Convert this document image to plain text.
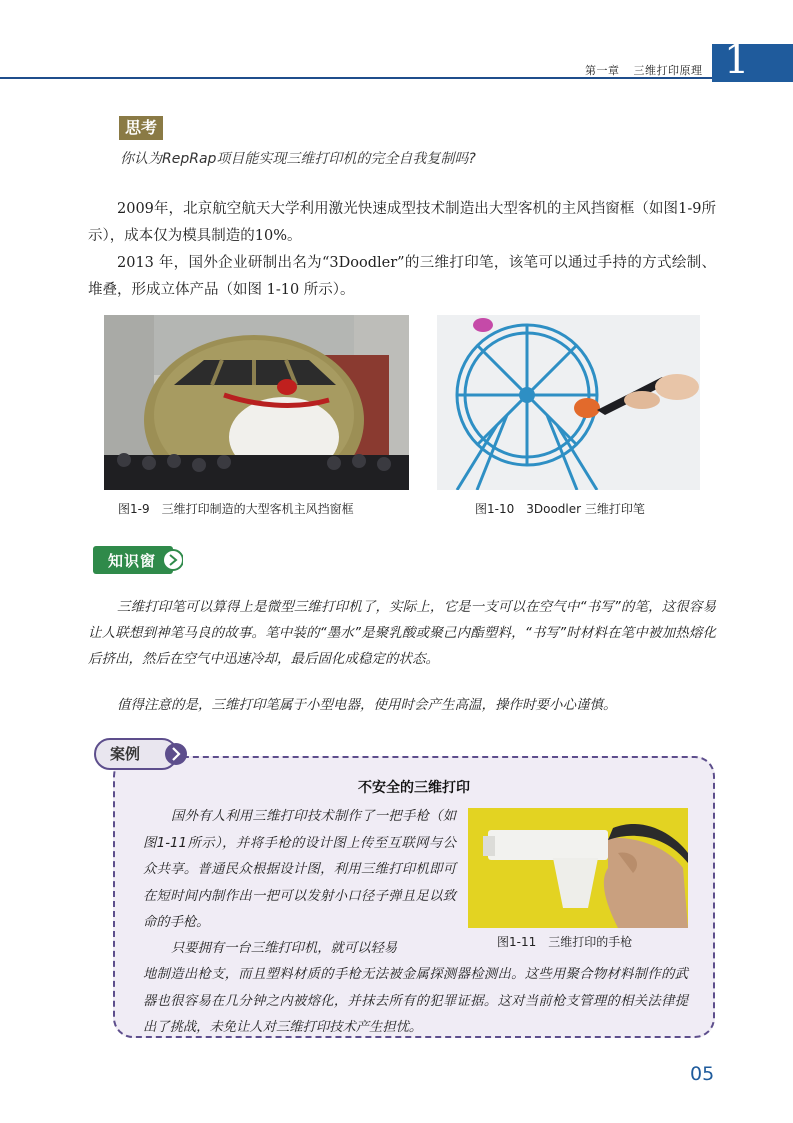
第一章 三维打印原理 1
思考
你认为RepRap项目能实现三维打印机的完全自我复制吗?
2009年，北京航空航天大学利用激光快速成型技术制造出大型客机的主风挡窗框（如图1-9所示），成本仅为模具制造的10%。
2013 年，国外企业研制出名为“3Doodler”的三维打印笔，该笔可以通过手持的方式绘制、堆叠，形成立体产品（如图 1-10 所示）。
图1-9 三维打印制造的大型客机主风挡窗框	图1-10 3Doodler 三维打印笔
知识窗
三维打印笔可以算得上是微型三维打印机了，实际上，它是一支可以在空气中“书写”的笔，这很容易让人联想到神笔马良的故事。笔中装的“墨水”是聚乳酸或聚己内酯塑料，“书写”时材料在笔中被加热熔化后挤出，然后在空气中迅速冷却，最后固化成稳定的状态。
值得注意的是，三维打印笔属于小型电器，使用时会产生高温，操作时要小心谨慎。
案例
不安全的三维打印
国外有人利用三维打印技术制作了一把手枪（如图1-11所示），并将手枪的设计图上传至互联网与公众共享。普通民众根据设计图，利用三维打印机即可在短时间内制作出一把可以发射小口径子弹且足以致命的手枪。
只要拥有一台三维打印机，就可以轻易
地制造出枪支，而且塑料材质的手枪无法被金属探测器检测出。这些用聚合物材料制作的武器也很容易在几分钟之内被熔化，并抹去所有的犯罪证据。这对当前枪支管理的相关法律提出了挑战，未免让人对三维打印技术产生担忧。
图1-11 三维打印的手枪
05
